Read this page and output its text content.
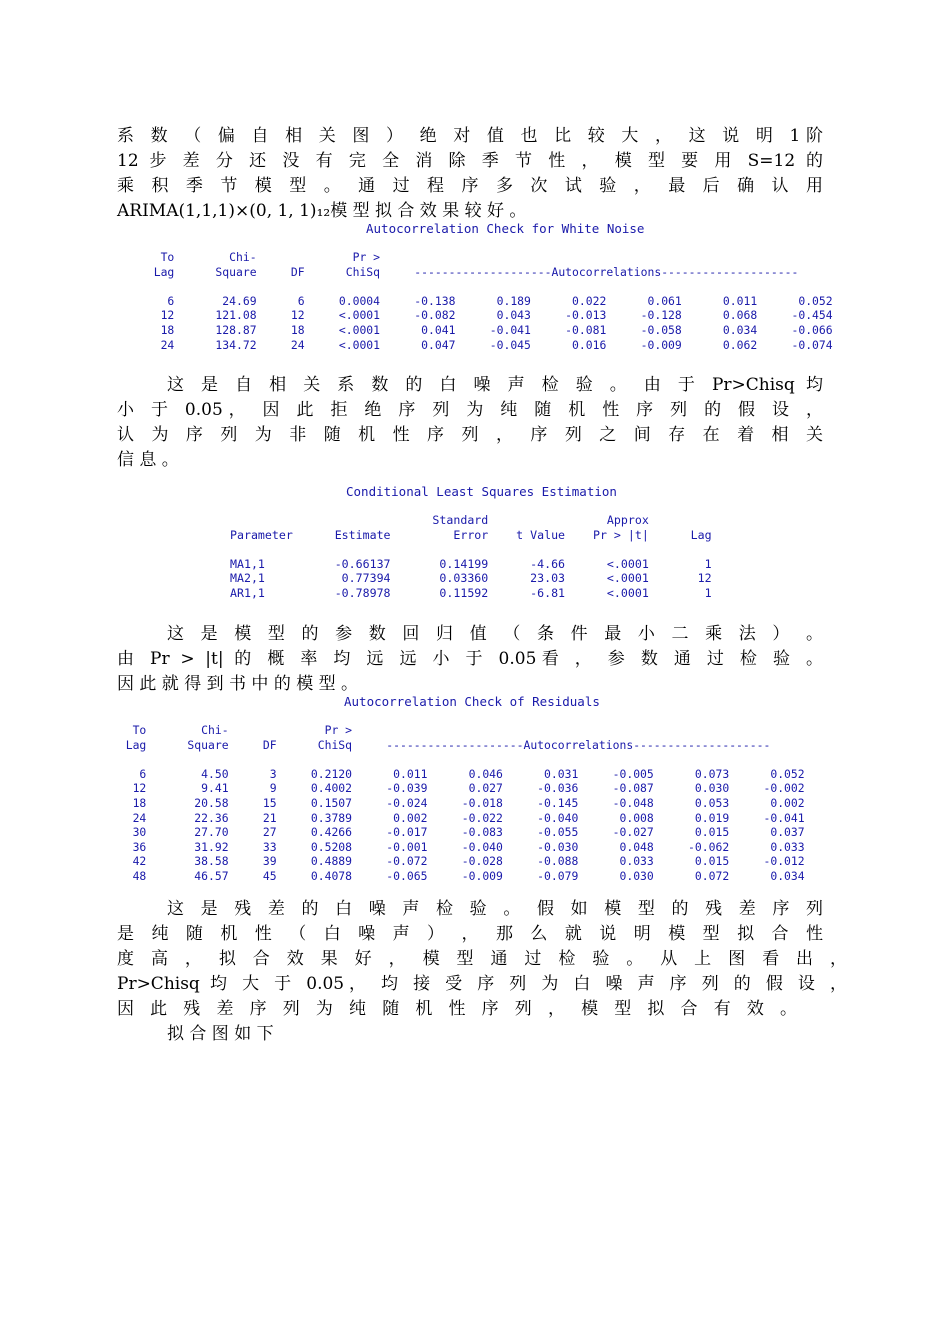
系 数 （ 偏 自 相 关 图 ） 绝 对 值 也 比 较 大 ， 这 说 明 1阶
12 步 差 分 还 没 有 完 全 消 除 季 节 性 ， 模 型 要 用 S=12 的
乘 积 季 节 模 型 。 通 过 程 序 多 次 试 验 ， 最 后 确 认 用
ARIMA(1,1,1)×(0, 1, 1)₁₂模 型 拟 合 效 果 较 好 。
Autocorrelation Check for White Noise
To        Chi-              Pr >
Lag      Square     DF      ChiSq     --------------------Autocorrelations--------------------

6       24.69      6     0.0004     -0.138      0.189      0.022      0.061      0.011      0.052
12      121.08     12     <.0001     -0.082      0.043     -0.013     -0.128      0.068     -0.454
18      128.87     18     <.0001      0.041     -0.041     -0.081     -0.058      0.034     -0.066
24      134.72     24     <.0001      0.047     -0.045      0.016     -0.009      0.062     -0.074
这 是 自 相 关 系 数 的 白 噪 声 检 验 。 由 于 Pr>Chisq 均
小 于 0.05， 因 此 拒 绝 序 列 为 纯 随 机 性 序 列 的 假 设 ，
认 为 序 列 为 非 随 机 性 序 列 ， 序 列 之 间 存 在 着 相 关
信 息 。
Conditional Least Squares Estimation
Standard                 Approx
Parameter      Estimate         Error    t Value    Pr > |t|      Lag

MA1,1          -0.66137       0.14199      -4.66      <.0001        1
MA2,1           0.77394       0.03360      23.03      <.0001       12
AR1,1          -0.78978       0.11592      -6.81      <.0001        1
这 是 模 型 的 参 数 回 归 值 （ 条 件 最 小 二 乘 法 ） 。
由 Pr > |t| 的 概 率 均 远 远 小 于 0.05看 ， 参 数 通 过 检 验 。
因 此 就 得 到 书 中 的 模 型 。
Autocorrelation Check of Residuals
To        Chi-              Pr >
Lag      Square     DF      ChiSq     --------------------Autocorrelations--------------------

6        4.50      3     0.2120      0.011      0.046      0.031     -0.005      0.073      0.052
12        9.41      9     0.4002     -0.039      0.027     -0.036     -0.087      0.030     -0.002
18       20.58     15     0.1507     -0.024     -0.018     -0.145     -0.048      0.053      0.002
24       22.36     21     0.3789      0.002     -0.022     -0.040      0.008      0.019     -0.041
30       27.70     27     0.4266     -0.017     -0.083     -0.055     -0.027      0.015      0.037
36       31.92     33     0.5208     -0.001     -0.040     -0.030      0.048     -0.062      0.033
42       38.58     39     0.4889     -0.072     -0.028     -0.088      0.033      0.015     -0.012
48       46.57     45     0.4078     -0.065     -0.009     -0.079      0.030      0.072      0.034
这 是 残 差 的 白 噪 声 检 验 。 假 如 模 型 的 残 差 序 列
是 纯 随 机 性 （ 白 噪 声 ） ， 那 么 就 说 明 模 型 拟 合 性
度 高 ， 拟 合 效 果 好 ， 模 型 通 过 检 验 。 从 上 图 看 出 ，
Pr>Chisq 均 大 于 0.05， 均 接 受 序 列 为 白 噪 声 序 列 的 假 设 ，
因 此 残 差 序 列 为 纯 随 机 性 序 列 ， 模 型 拟 合 有 效 。
拟 合 图 如 下
